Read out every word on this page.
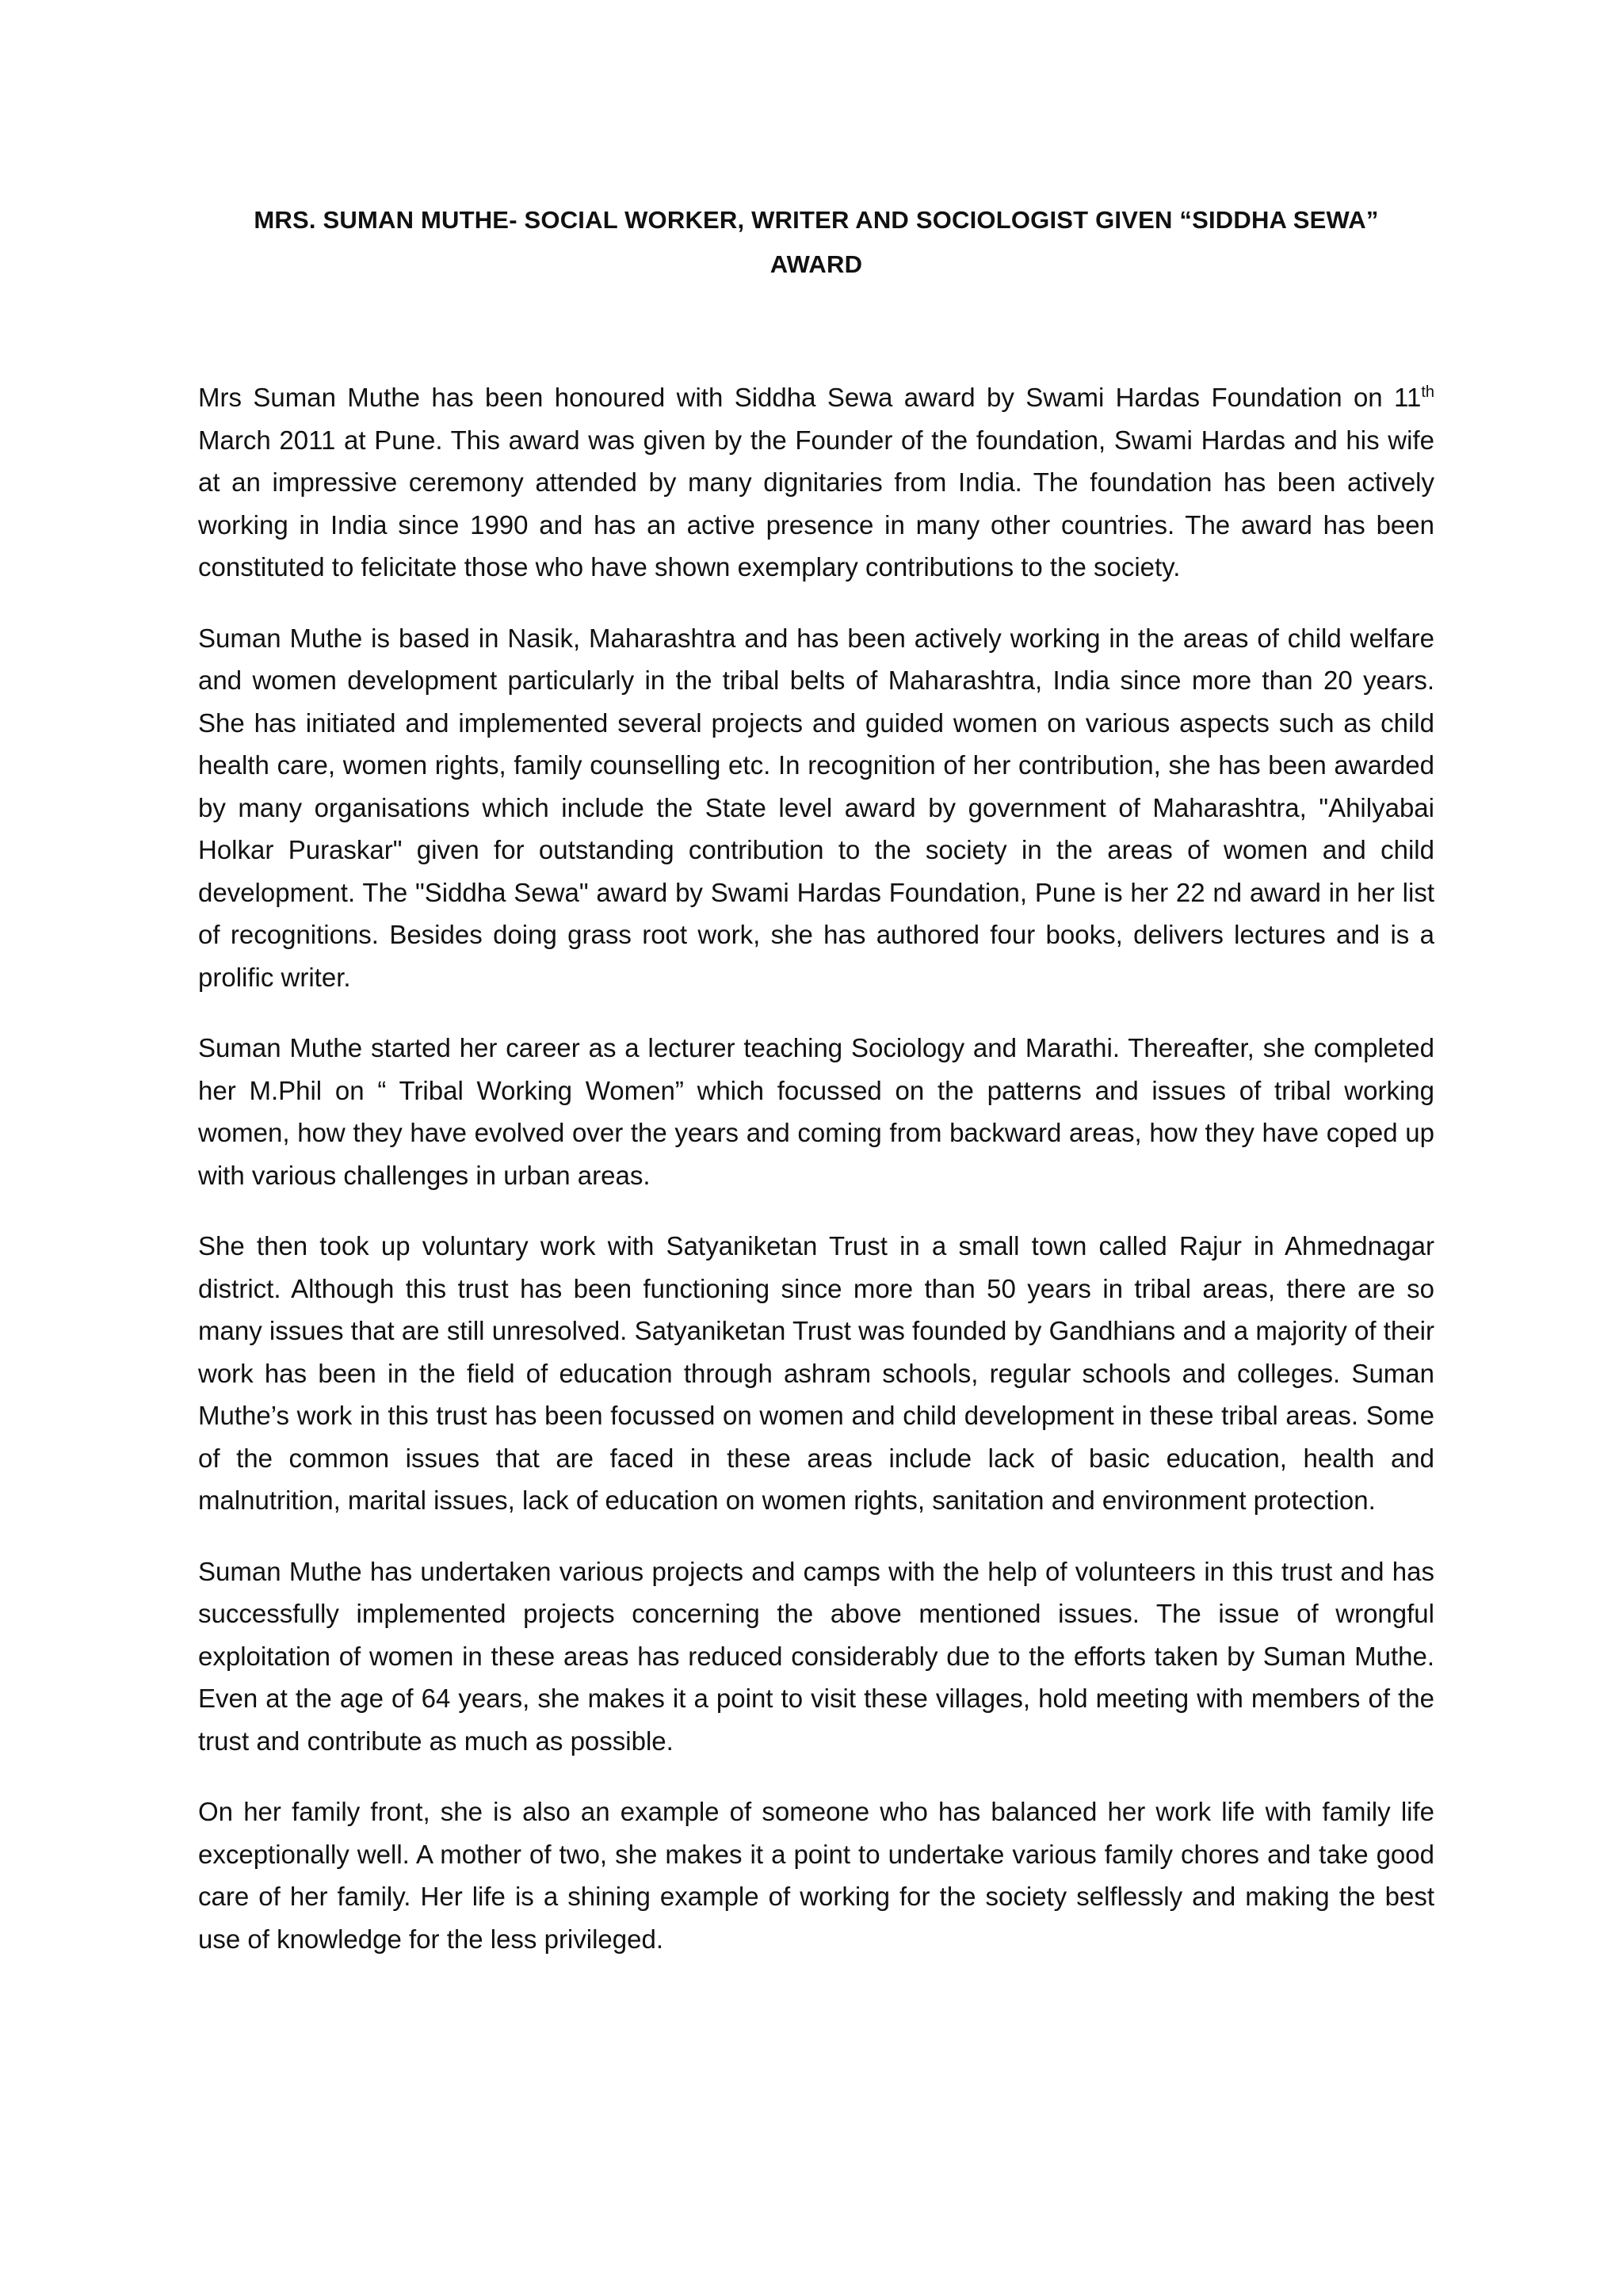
MRS. SUMAN MUTHE- SOCIAL WORKER, WRITER AND SOCIOLOGIST GIVEN “SIDDHA SEWA”
AWARD

Mrs Suman Muthe has been honoured with Siddha Sewa award by Swami Hardas Foundation on 11th March 2011 at Pune. This award was given by the Founder of the foundation, Swami Hardas and his wife at an impressive ceremony attended by many dignitaries from India. The foundation has been actively working in India since 1990 and has an active presence in many other countries. The award has been constituted to felicitate those who have shown exemplary contributions to the society.

Suman Muthe is based in Nasik, Maharashtra and has been actively working in the areas of child welfare and women development particularly in the tribal belts of Maharashtra, India since more than 20 years. She has initiated and implemented several projects and guided women on various aspects such as child health care, women rights, family counselling etc. In recognition of her contribution, she has been awarded by many organisations which include the State level award by government of Maharashtra, "Ahilyabai Holkar Puraskar" given for outstanding contribution to the society in the areas of women and child development. The "Siddha Sewa" award by Swami Hardas Foundation, Pune is her 22 nd award in her list of recognitions. Besides doing grass root work, she has authored four books, delivers lectures and is a prolific writer.

Suman Muthe started her career as a lecturer teaching Sociology and Marathi. Thereafter, she completed her M.Phil on “ Tribal Working Women” which focussed on the patterns and issues of tribal working women, how they have evolved over the years and coming from backward areas, how they have coped up with various challenges in urban areas.

She then took up voluntary work with Satyaniketan Trust in a small town called Rajur in Ahmednagar district. Although this trust has been functioning since more than 50 years in tribal areas, there are so many issues that are still unresolved. Satyaniketan Trust was founded by Gandhians and a majority of their work has been in the field of education through ashram schools, regular schools and colleges. Suman Muthe’s work in this trust has been focussed on women and child development in these tribal areas. Some of the common issues that are faced in these areas include lack of basic education, health and malnutrition, marital issues, lack of education on women rights, sanitation and environment protection.

Suman Muthe has undertaken various projects and camps with the help of volunteers in this trust and has successfully implemented projects concerning the above mentioned issues. The issue of wrongful exploitation of women in these areas has reduced considerably due to the efforts taken by Suman Muthe. Even at the age of 64 years, she makes it a point to visit these villages, hold meeting with members of the trust and contribute as much as possible.

On her family front, she is also an example of someone who has balanced her work life with family life exceptionally well. A mother of two, she makes it a point to undertake various family chores and take good care of her family. Her life is a shining example of working for the society selflessly and making the best use of knowledge for the less privileged.
